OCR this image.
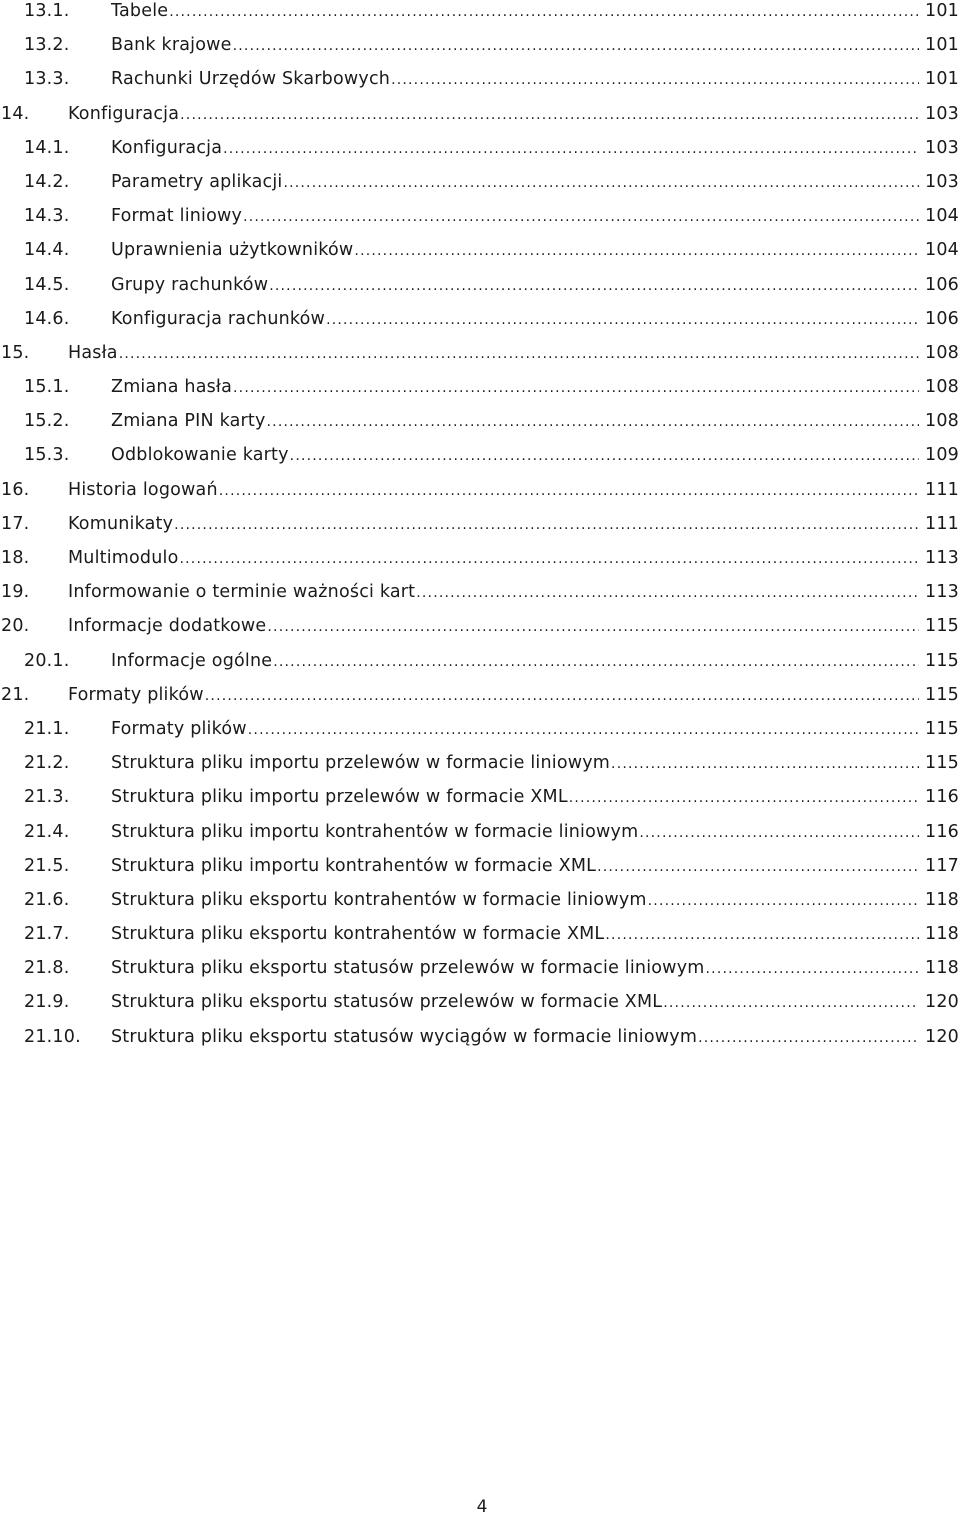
13.1. Tabele .....	101
13.2. Bank krajowe .....	101
13.3. Rachunki Urzędów Skarbowych .....	101
14. Konfiguracja .....	103
14.1. Konfiguracja .....	103
14.2. Parametry aplikacji .....	103
14.3. Format liniowy .....	104
14.4. Uprawnienia użytkowników .....	104
14.5. Grupy rachunków .....	106
14.6. Konfiguracja rachunków .....	106
15. Hasła .....	108
15.1. Zmiana hasła .....	108
15.2. Zmiana PIN karty .....	108
15.3. Odblokowanie karty .....	109
16. Historia logowań .....	111
17. Komunikaty .....	111
18. Multimodulo .....	113
19. Informowanie o terminie ważności kart .....	113
20. Informacje dodatkowe .....	115
20.1. Informacje ogólne .....	115
21. Formaty plików .....	115
21.1. Formaty plików .....	115
21.2. Struktura pliku importu przelewów w formacie liniowym .....	115
21.3. Struktura pliku importu przelewów w formacie XML .....	116
21.4. Struktura pliku importu kontrahentów w formacie liniowym .....	116
21.5. Struktura pliku importu kontrahentów w formacie XML .....	117
21.6. Struktura pliku eksportu kontrahentów w formacie liniowym .....	118
21.7. Struktura pliku eksportu kontrahentów w formacie XML .....	118
21.8. Struktura pliku eksportu statusów przelewów w formacie liniowym .....	118
21.9. Struktura pliku eksportu statusów przelewów w formacie XML .....	120
21.10. Struktura pliku eksportu statusów wyciągów w formacie liniowym .....	120
4
